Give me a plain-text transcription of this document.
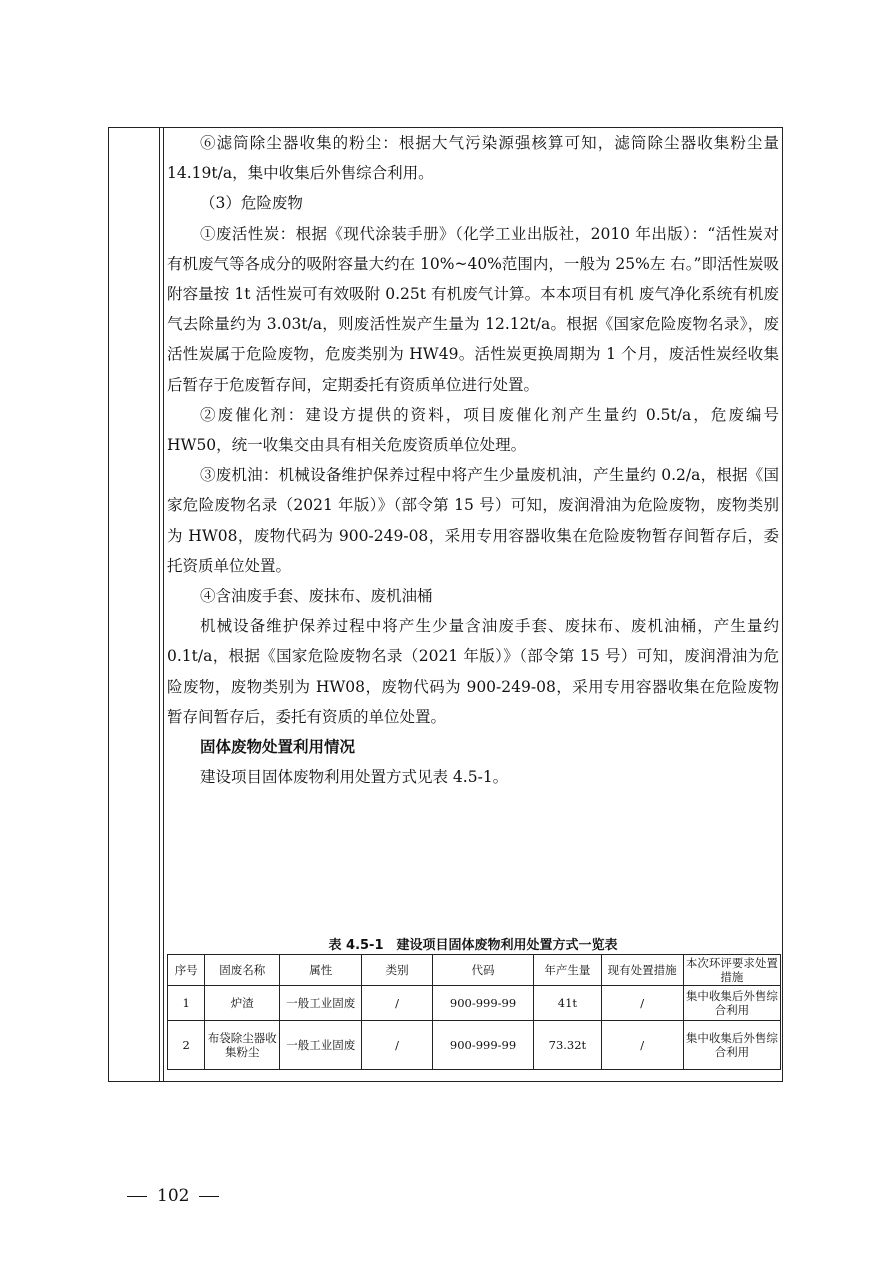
⑥滤筒除尘器收集的粉尘：根据大气污染源强核算可知，滤筒除尘器收集粉尘量 14.19t/a，集中收集后外售综合利用。

（3）危险废物

①废活性炭：根据《现代涂装手册》（化学工业出版社，2010 年出版）：“活性炭对有机废气等各成分的吸附容量大约在 10%~40%范围内，一般为 25%左 右。”即活性炭吸附容量按 1t 活性炭可有效吸附 0.25t 有机废气计算。本本项目有机 废气净化系统有机废气去除量约为 3.03t/a，则废活性炭产生量为 12.12t/a。根据《国家危险废物名录》，废活性炭属于危险废物，危废类别为 HW49。活性炭更换周期为 1 个月，废活性炭经收集后暂存于危废暂存间，定期委托有资质单位进行处置。

②废催化剂：建设方提供的资料，项目废催化剂产生量约 0.5t/a，危废编号 HW50，统一收集交由具有相关危废资质单位处理。

③废机油：机械设备维护保养过程中将产生少量废机油，产生量约 0.2/a，根据《国家危险废物名录（2021 年版）》（部令第 15 号）可知，废润滑油为危险废物，废物类别为 HW08，废物代码为 900-249-08，采用专用容器收集在危险废物暂存间暂存后，委托资质单位处置。

④含油废手套、废抹布、废机油桶

机械设备维护保养过程中将产生少量含油废手套、废抹布、废机油桶，产生量约 0.1t/a，根据《国家危险废物名录（2021 年版）》（部令第 15 号）可知，废润滑油为危险废物，废物类别为 HW08，废物代码为 900-249-08，采用专用容器收集在危险废物暂存间暂存后，委托有资质的单位处置。

固体废物处置利用情况

建设项目固体废物利用处置方式见表 4.5-1。

表 4.5-1　建设项目固体废物利用处置方式一览表
序号	固废名称	属性	类别	代码	年产生量	现有处置措施	本次环评要求处置措施
1	炉渣	一般工业固废	/	900-999-99	41t	/	集中收集后外售综合利用
2	布袋除尘器收集粉尘	一般工业固废	/	900-999-99	73.32t	/	集中收集后外售综合利用
102
